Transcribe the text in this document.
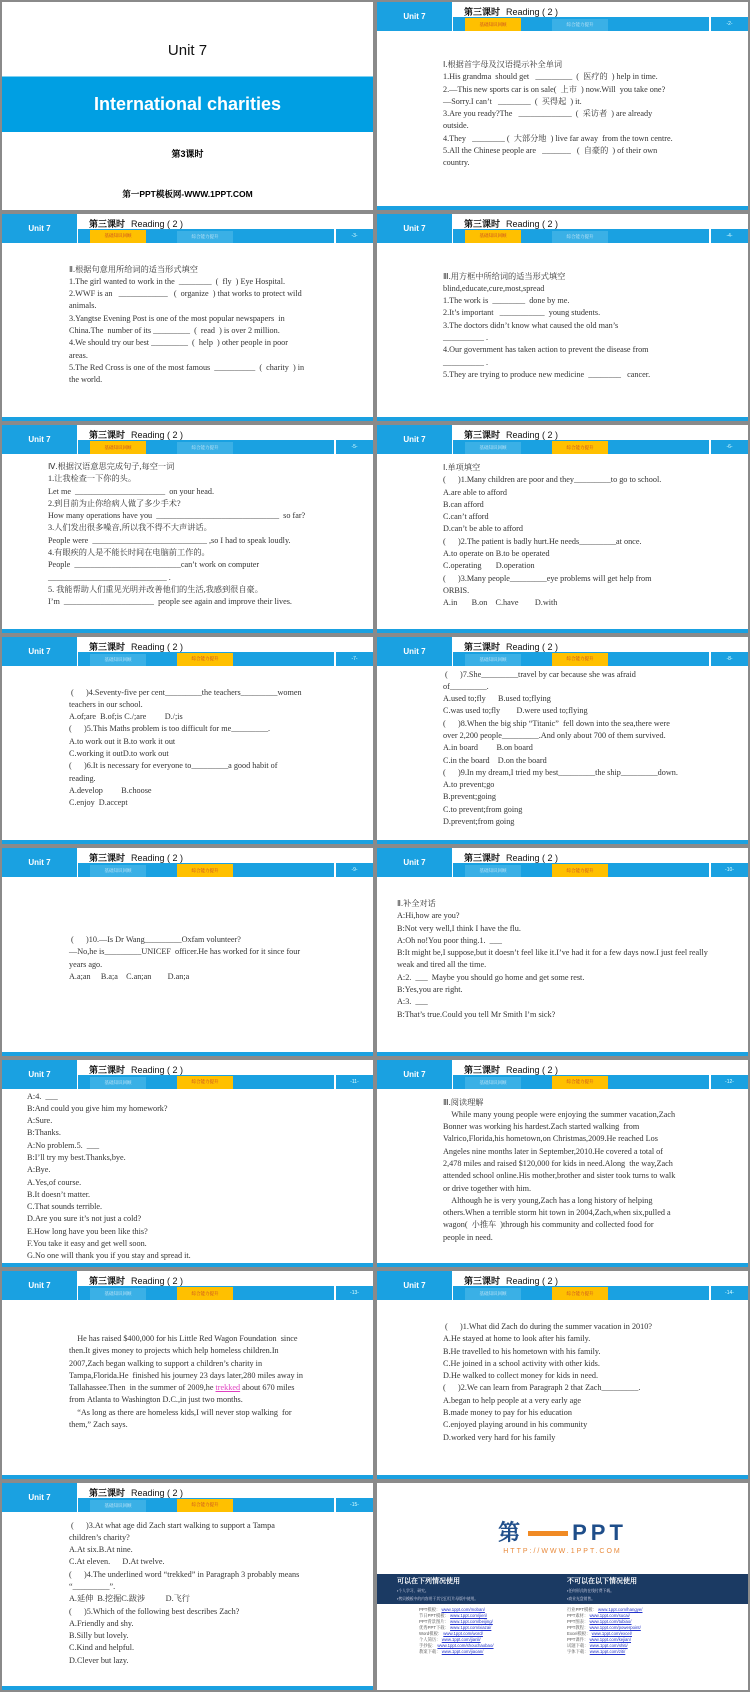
Unit 7
International charities
第3课时
第一PPT模板网-WWW.1PPT.COM
Unit 7	第三课时 Reading ( 2 )
基础知识回顾	综合能力提升	-2-
Ⅰ.根据首字母及汉语提示补全单词
1.His grandma  should get   _________  (  医疗的  ) help in time.
2.—This new sports car is on sale(  上市  ) now.Will  you take one?
—Sorry.I can’t   ________  (  买得起  ) it.
3.Are you ready?The   _____________  (  采访者  ) are already
outside.
4.They   ________ (  大部分地  ) live far away  from the town centre.
5.All the Chinese people are   _______   (  自豪的  ) of their own
country.
Unit 7	第三课时 Reading ( 2 )
基础知识回顾	综合能力提升	-3-
Ⅱ.根据句意用所给词的适当形式填空
1.The girl wanted to work in the  ________  (  fly  ) Eye Hospital.
2.WWF is an   ____________   (  organize  ) that works to protect wild
animals.
3.Yangtse Evening Post is one of the most popular newspapers  in
China.The  number of its _________  (  read  ) is over 2 million.
4.We should try our best _________  (  help  ) other people in poor
areas.
5.The Red Cross is one of the most famous  __________  (  charity  ) in
the world.
Unit 7	第三课时 Reading ( 2 )
基础知识回顾	综合能力提升	-4-
Ⅲ.用方框中所给词的适当形式填空
blind,educate,cure,most,spread
1.The work is  ________  done by me.
2.It’s important   ___________  young students.
3.The doctors didn’t know what caused the old man’s
__________ .
4.Our government has taken action to prevent the disease from
__________ .
5.They are trying to produce new medicine  ________   cancer.
Unit 7	第三课时 Reading ( 2 )
基础知识回顾	综合能力提升	-5-
Ⅳ.根据汉语意思完成句子,每空一词
1.让我检查一下你的头。
Let me  ______________________  on your head.
2.到目前为止你给病人做了多少手术?
How many operations have you  ______________________________  so far?
3.人们发出很多噪音,所以我不得不大声讲话。
People were  ____________________________ ,so I had to speak loudly.
4.有眼疾的人是不能长时间在电脑前工作的。
People  __________________________can’t work on computer
_____________________________ .
5. 我能帮助人们重见光明并改善他们的生活,我感到很自豪。
I’m  ______________________  people see again and improve their lives.
Unit 7	第三课时 Reading ( 2 )
基础知识回顾	综合能力提升	-6-
Ⅰ.单项填空
(      )1.Many children are poor and they_________to go to school.
A.are able to afford
B.can afford
C.can’t afford
D.can’t be able to afford
(      )2.The patient is badly hurt.He needs_________at once.
A.to operate on B.to be operated
C.operating       D.operation
(      )3.Many people_________eye problems will get help from
ORBIS.
A.in       B.on    C.have        D.with
Unit 7	第三课时 Reading ( 2 )
基础知识回顾	综合能力提升	-7-
(      )4.Seventy-five per cent_________the teachers_________women
teachers in our school.
A.of;are  B.of;is C./;are         D./;is
(      )5.This Maths problem is too difficult for me_________.
A.to work out it B.to work it out
C.working it outD.to work out
(      )6.It is necessary for everyone to_________a good habit of
reading.
A.develop         B.choose
C.enjoy  D.accept
Unit 7	第三课时 Reading ( 2 )
基础知识回顾	综合能力提升	-8-
(      )7.She_________travel by car because she was afraid
of_________.
A.used to;fly      B.used to;flying
C.was used to;fly        D.were used to;flying
(      )8.When the big ship “Titanic”  fell down into the sea,there were
over 2,200 people_________.And only about 700 of them survived.
A.in board         B.on board
C.in the board    D.on the board
(      )9.In my dream,I tried my best_________the ship_________down.
A.to prevent;go
B.prevent;going
C.to prevent;from going
D.prevent;from going
Unit 7	第三课时 Reading ( 2 )
基础知识回顾	综合能力提升	-9-
(      )10.—Is Dr Wang_________Oxfam volunteer?
—No,he is_________UNICEF  officer.He has worked for it since four
years ago.
A.a;an     B.a;a    C.an;an        D.an;a
Unit 7	第三课时 Reading ( 2 )
基础知识回顾	综合能力提升	-10-
Ⅱ.补全对话
A:Hi,how are you?
B:Not very well,I think I have the flu.
A:Oh no!You poor thing.1.  ___
B:It might be,I suppose,but it doesn’t feel like it.I’ve had it for a few days now.I just feel really
weak and tired all the time.
A:2.  ___  Maybe you should go home and get some rest.
B:Yes,you are right.
A:3.  ___
B:That’s true.Could you tell Mr Smith I’m sick?
Unit 7	第三课时 Reading ( 2 )
基础知识回顾	综合能力提升	-11-
A:4.  ___
B:And could you give him my homework?
A:Sure.
B:Thanks.
A:No problem.5.  ___
B:I’ll try my best.Thanks,bye.
A:Bye.
A.Yes,of course.
B.It doesn’t matter.
C.That sounds terrible.
D.Are you sure it’s not just a cold?
E.How long have you been like this?
F.You take it easy and get well soon.
G.No one will thank you if you stay and spread it.
Unit 7	第三课时 Reading ( 2 )
基础知识回顾	综合能力提升	-12-
Ⅲ.阅读理解
While many young people were enjoying the summer vacation,Zach
Bonner was working his hardest.Zach started walking  from
Valrico,Florida,his hometown,on Christmas,2009.He reached Los
Angeles nine months later in September,2010.He covered a total of
2,478 miles and raised $120,000 for kids in need.Along  the way,Zach
attended school online.His mother,brother and sister took turns to walk
or drive together with him.
Although he is very young,Zach has a long history of helping
others.When a terrible storm hit town in 2004,Zach,when six,pulled a
wagon(  小推车  )through his community and collected food for
people in need.
Unit 7	第三课时 Reading ( 2 )
基础知识回顾	综合能力提升	-13-
He has raised $400,000 for his Little Red Wagon Foundation  since
then.It gives money to projects which help homeless children.In
2007,Zach began walking to support a children’s charity in
Tampa,Florida.He  finished his journey 23 days later,280 miles away in
Tallahassee.Then  in the summer of 2009,he trekked about 670 miles
from Atlanta to Washington D.C.,in just two months.
“As long as there are homeless kids,I will never stop walking  for
them,” Zach says.
Unit 7	第三课时 Reading ( 2 )
基础知识回顾	综合能力提升	-14-
(      )1.What did Zach do during the summer vacation in 2010?
A.He stayed at home to look after his family.
B.He travelled to his hometown with his family.
C.He joined in a school activity with other kids.
D.He walked to collect money for kids in need.
(      )2.We can learn from Paragraph 2 that Zach_________.
A.began to help people at a very early age
B.made money to pay for his education
C.enjoyed playing around in his community
D.worked very hard for his family
Unit 7	第三课时 Reading ( 2 )
基础知识回顾	综合能力提升	-15-
(      )3.At what age did Zach start walking to support a Tampa
children’s charity?
A.At six.B.At nine.
C.At eleven.      D.At twelve.
(      )4.The underlined word “trekked” in Paragraph 3 probably means
“_________”.
A.延伸  B.挖掘C.跋涉          D.飞行
(      )5.Which of the following best describes Zach?
A.Friendly and shy.
B.Silly but lovely.
C.Kind and helpful.
D.Clever but lazy.
第 PPT
HTTP://WWW.1PPT.COM
可以在下列情况使用
▪个人学习、研究。
▪拷贝模板中的内容用于其它幻灯片母版中使用。
不可以在以下情况使用
▪任何形式的在线付费下载。
▪商业光盘销售。
PPT模板： www.1ppt.com/moban/
节日PPT模板： www.1ppt.com/jieri/
PPT背景图片： www.1ppt.com/beijing/
优秀PPT下载： www.1ppt.com/xiazai/
Word模板： www.1ppt.com/word/
个人简历： www.1ppt.com/jianli/
手抄报： www.1ppt.com/shouchaobao/
教案下载： www.1ppt.com/jiaoan/
行业PPT模板： www.1ppt.com/hangye/
PPT素材： www.1ppt.com/sucai/
PPT图表： www.1ppt.com/tubiao/
PPT教程： www.1ppt.com/powerpoint/
Excel模板： www.1ppt.com/excel/
PPT课件： www.1ppt.com/kejian/
试题下载： www.1ppt.com/shiti/
字体下载： www.1ppt.com/ziti/
